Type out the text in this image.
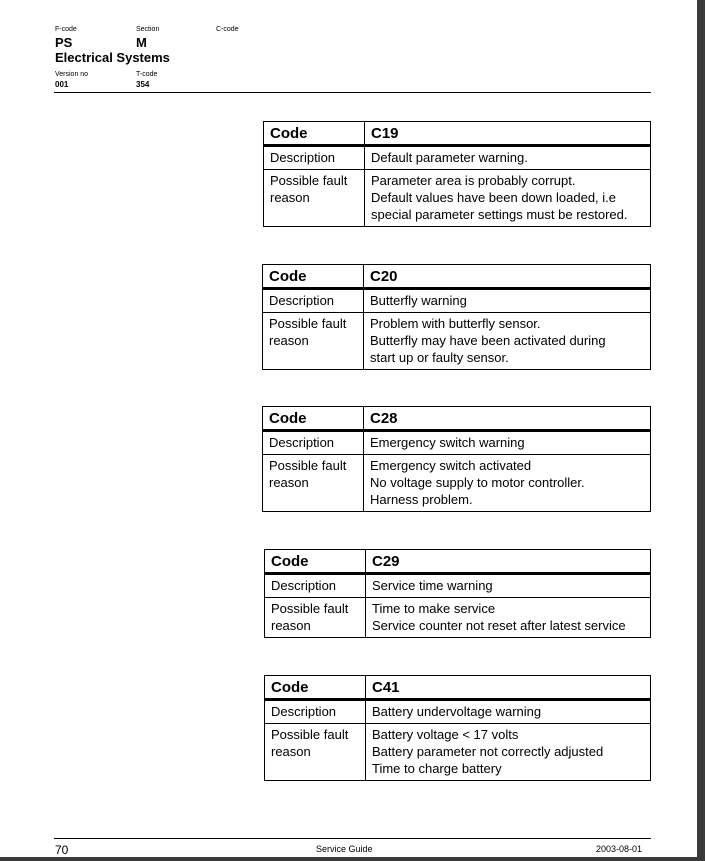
F-code	Section	C-code
PS	M
Electrical Systems
Version no	T-code
001	354
Code	C19
Description	Default parameter warning.

Possible fault
reason	Parameter area is probably corrupt.
Default values have been down loaded, i.e
special parameter settings must be restored.
Code	C20
Description	Butterfly warning

Possible fault
reason	Problem with butterfly sensor.
Butterfly may have been activated during
start up or faulty sensor.
Code	C28
Description	Emergency switch warning

Possible fault
reason	Emergency switch activated
No voltage supply to motor controller.
Harness problem.
Code	C29
Description	Service time warning

Possible fault
reason	Time to make service
Service counter not reset after latest service
Code	C41
Description	Battery undervoltage warning

Possible fault
reason	Battery voltage < 17 volts
Battery parameter not correctly adjusted
Time to charge battery
70	Service Guide	2003-08-01
